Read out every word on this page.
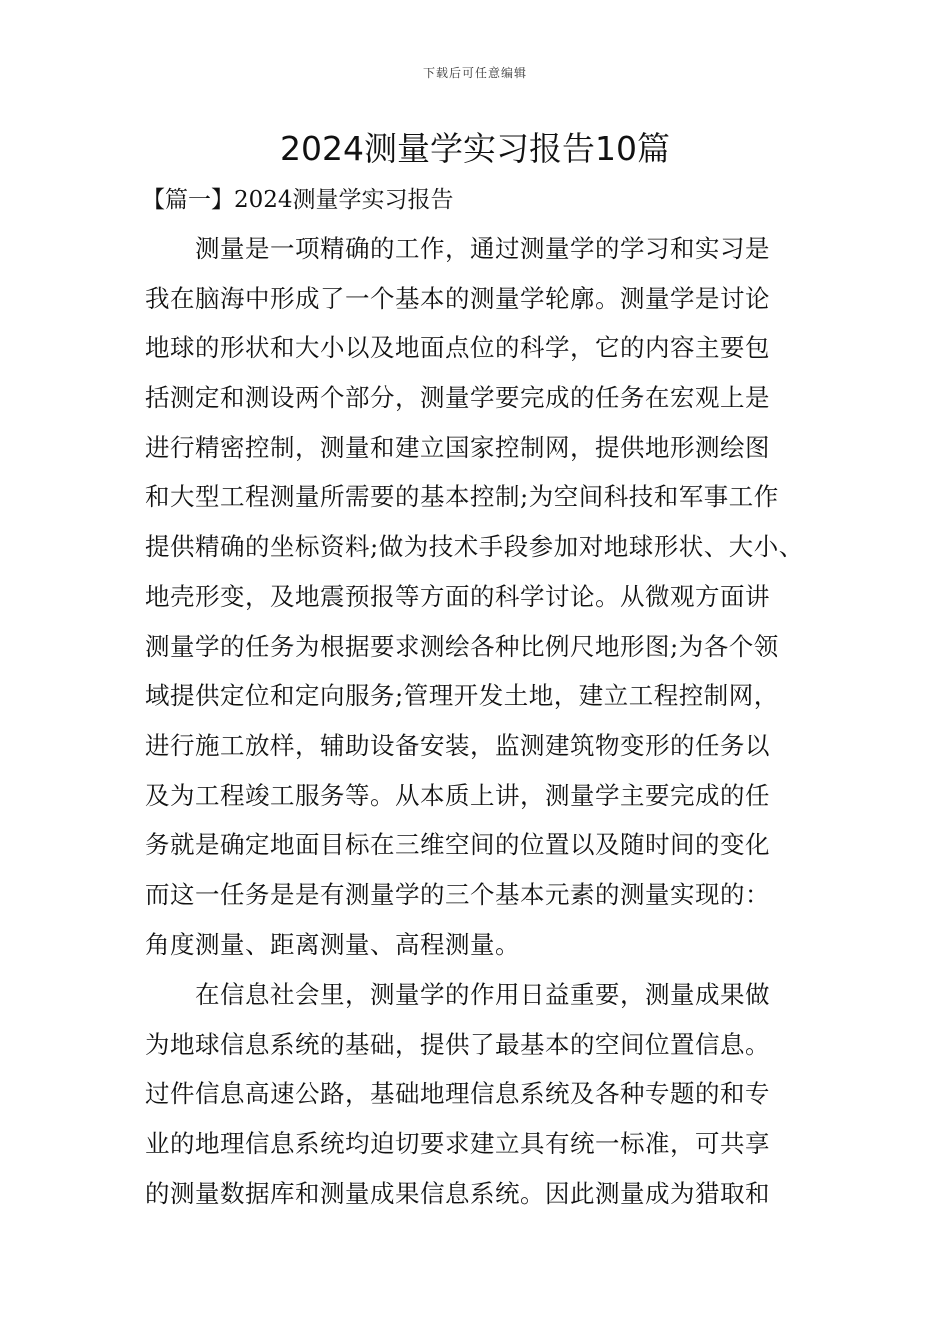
下载后可任意编辑
2024测量学实习报告10篇
【篇一】2024测量学实习报告
　　测量是一项精确的工作，通过测量学的学习和实习是
我在脑海中形成了一个基本的测量学轮廓。测量学是讨论
地球的形状和大小以及地面点位的科学，它的内容主要包
括测定和测设两个部分，测量学要完成的任务在宏观上是
进行精密控制，测量和建立国家控制网，提供地形测绘图
和大型工程测量所需要的基本控制;为空间科技和军事工作
提供精确的坐标资料;做为技术手段参加对地球形状、大小、
地壳形变，及地震预报等方面的科学讨论。从微观方面讲
测量学的任务为根据要求测绘各种比例尺地形图;为各个领
域提供定位和定向服务;管理开发土地，建立工程控制网，
进行施工放样，辅助设备安装，监测建筑物变形的任务以
及为工程竣工服务等。从本质上讲，测量学主要完成的任
务就是确定地面目标在三维空间的位置以及随时间的变化
而这一任务是是有测量学的三个基本元素的测量实现的：
角度测量、距离测量、高程测量。
　　在信息社会里，测量学的作用日益重要，测量成果做
为地球信息系统的基础，提供了最基本的空间位置信息。
过件信息高速公路，基础地理信息系统及各种专题的和专
业的地理信息系统均迫切要求建立具有统一标准，可共享
的测量数据库和测量成果信息系统。因此测量成为猎取和
